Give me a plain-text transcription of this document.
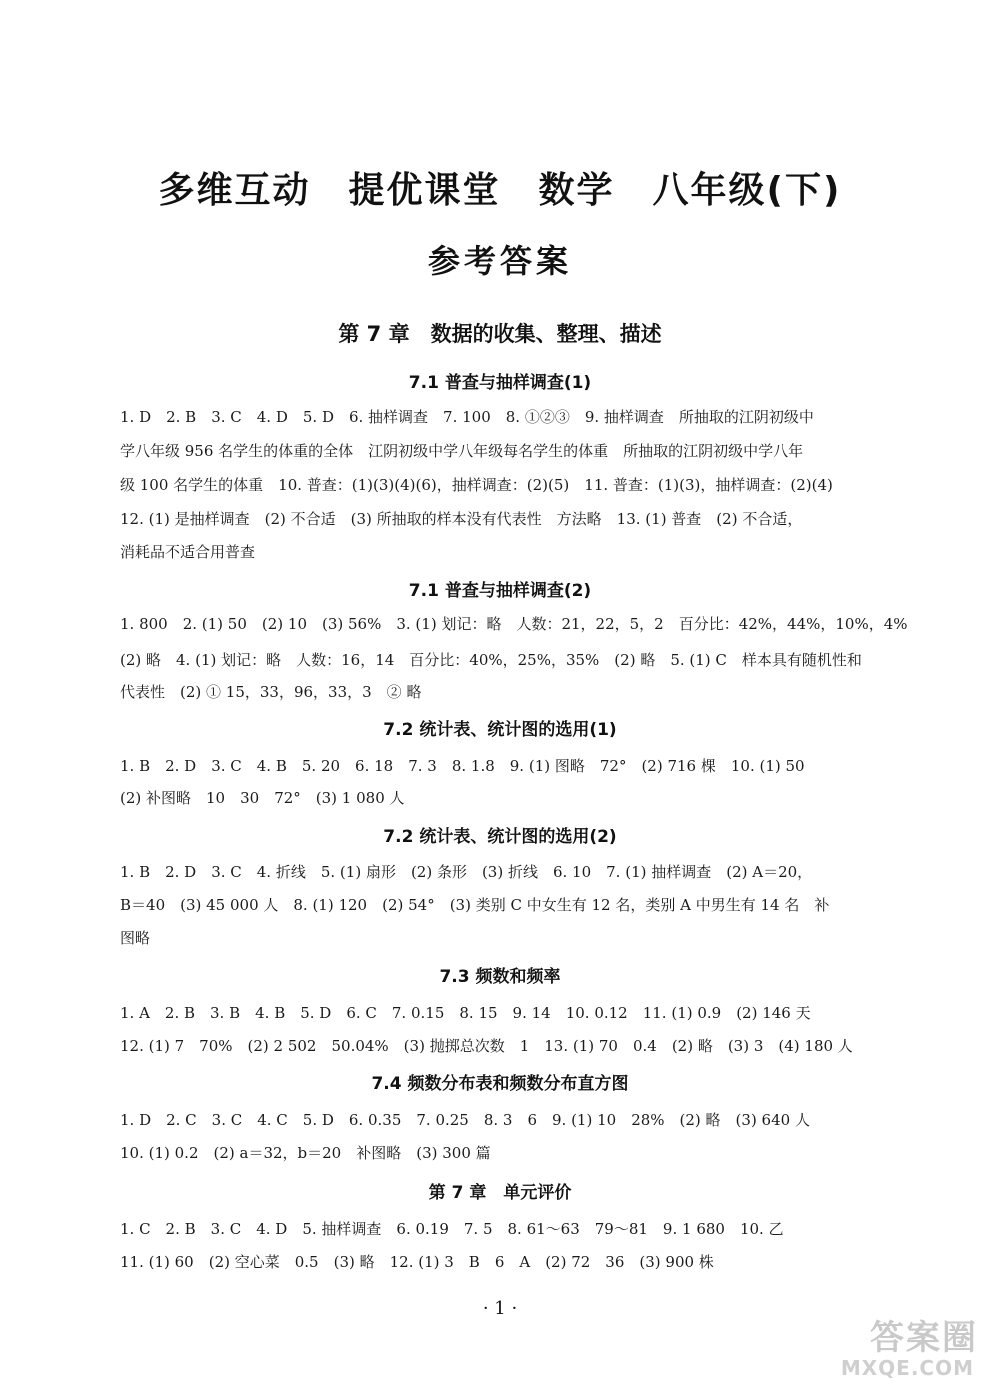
多维互动　提优课堂　数学　八年级(下)
参考答案
第 7 章　数据的收集、整理、描述
7.1 普查与抽样调查(1)
1. D　2. B　3. C　4. D　5. D　6. 抽样调查　7. 100　8. ①②③　9. 抽样调查　所抽取的江阴初级中
学八年级 956 名学生的体重的全体　江阴初级中学八年级每名学生的体重　所抽取的江阴初级中学八年
级 100 名学生的体重　10. 普查：(1)(3)(4)(6)，抽样调查：(2)(5)　11. 普查：(1)(3)，抽样调查：(2)(4)
12. (1) 是抽样调查　(2) 不合适　(3) 所抽取的样本没有代表性　方法略　13. (1) 普查　(2) 不合适，
消耗品不适合用普查
7.1 普查与抽样调查(2)
1. 800　2. (1) 50　(2) 10　(3) 56%　3. (1) 划记：略　人数：21，22，5，2　百分比：42%，44%，10%，4%
(2) 略　4. (1) 划记：略　人数：16，14　百分比：40%，25%，35%　(2) 略　5. (1) C　样本具有随机性和
代表性　(2) ① 15，33，96，33，3　② 略
7.2 统计表、统计图的选用(1)
1. B　2. D　3. C　4. B　5. 20　6. 18　7. 3　8. 1.8　9. (1) 图略　72°　(2) 716 棵　10. (1) 50
(2) 补图略　10　30　72°　(3) 1 080 人
7.2 统计表、统计图的选用(2)
1. B　2. D　3. C　4. 折线　5. (1) 扇形　(2) 条形　(3) 折线　6. 10　7. (1) 抽样调查　(2) A＝20，
B＝40　(3) 45 000 人　8. (1) 120　(2) 54°　(3) 类别 C 中女生有 12 名，类别 A 中男生有 14 名　补
图略
7.3 频数和频率
1. A　2. B　3. B　4. B　5. D　6. C　7. 0.15　8. 15　9. 14　10. 0.12　11. (1) 0.9　(2) 146 天
12. (1) 7　70%　(2) 2 502　50.04%　(3) 抛掷总次数　1　13. (1) 70　0.4　(2) 略　(3) 3　(4) 180 人
7.4 频数分布表和频数分布直方图
1. D　2. C　3. C　4. C　5. D　6. 0.35　7. 0.25　8. 3　6　9. (1) 10　28%　(2) 略　(3) 640 人
10. (1) 0.2　(2) a＝32，b＝20　补图略　(3) 300 篇
第 7 章　单元评价
1. C　2. B　3. C　4. D　5. 抽样调查　6. 0.19　7. 5　8. 61～63　79～81　9. 1 680　10. 乙
11. (1) 60　(2) 空心菜　0.5　(3) 略　12. (1) 3　B　6　A　(2) 72　36　(3) 900 株
· 1 ·
答案圈
MXQE.COM
